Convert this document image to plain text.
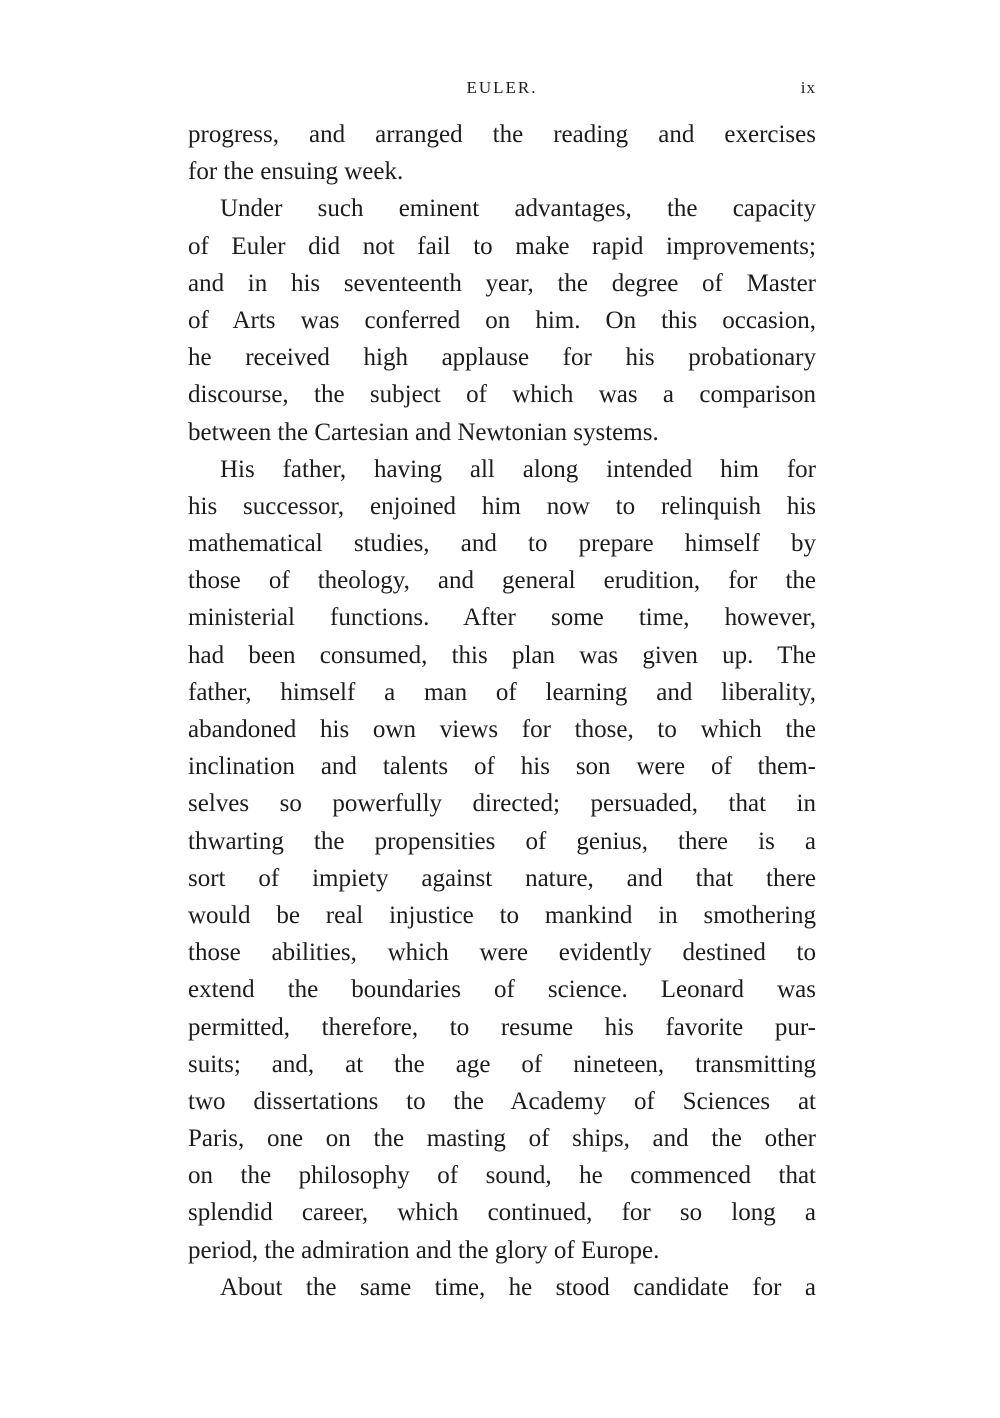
EULER.	ix
progress, and arranged the reading and exercises
for the ensuing week.
Under such eminent advantages, the capacity
of Euler did not fail to make rapid improvements;
and in his seventeenth year, the degree of Master
of Arts was conferred on him. On this occasion,
he received high applause for his probationary
discourse, the subject of which was a comparison
between the Cartesian and Newtonian systems.
His father, having all along intended him for
his successor, enjoined him now to relinquish his
mathematical studies, and to prepare himself by
those of theology, and general erudition, for the
ministerial functions. After some time, however,
had been consumed, this plan was given up. The
father, himself a man of learning and liberality,
abandoned his own views for those, to which the
inclination and talents of his son were of them-
selves so powerfully directed; persuaded, that in
thwarting the propensities of genius, there is a
sort of impiety against nature, and that there
would be real injustice to mankind in smothering
those abilities, which were evidently destined to
extend the boundaries of science. Leonard was
permitted, therefore, to resume his favorite pur-
suits; and, at the age of nineteen, transmitting
two dissertations to the Academy of Sciences at
Paris, one on the masting of ships, and the other
on the philosophy of sound, he commenced that
splendid career, which continued, for so long a
period, the admiration and the glory of Europe.
About the same time, he stood candidate for a
